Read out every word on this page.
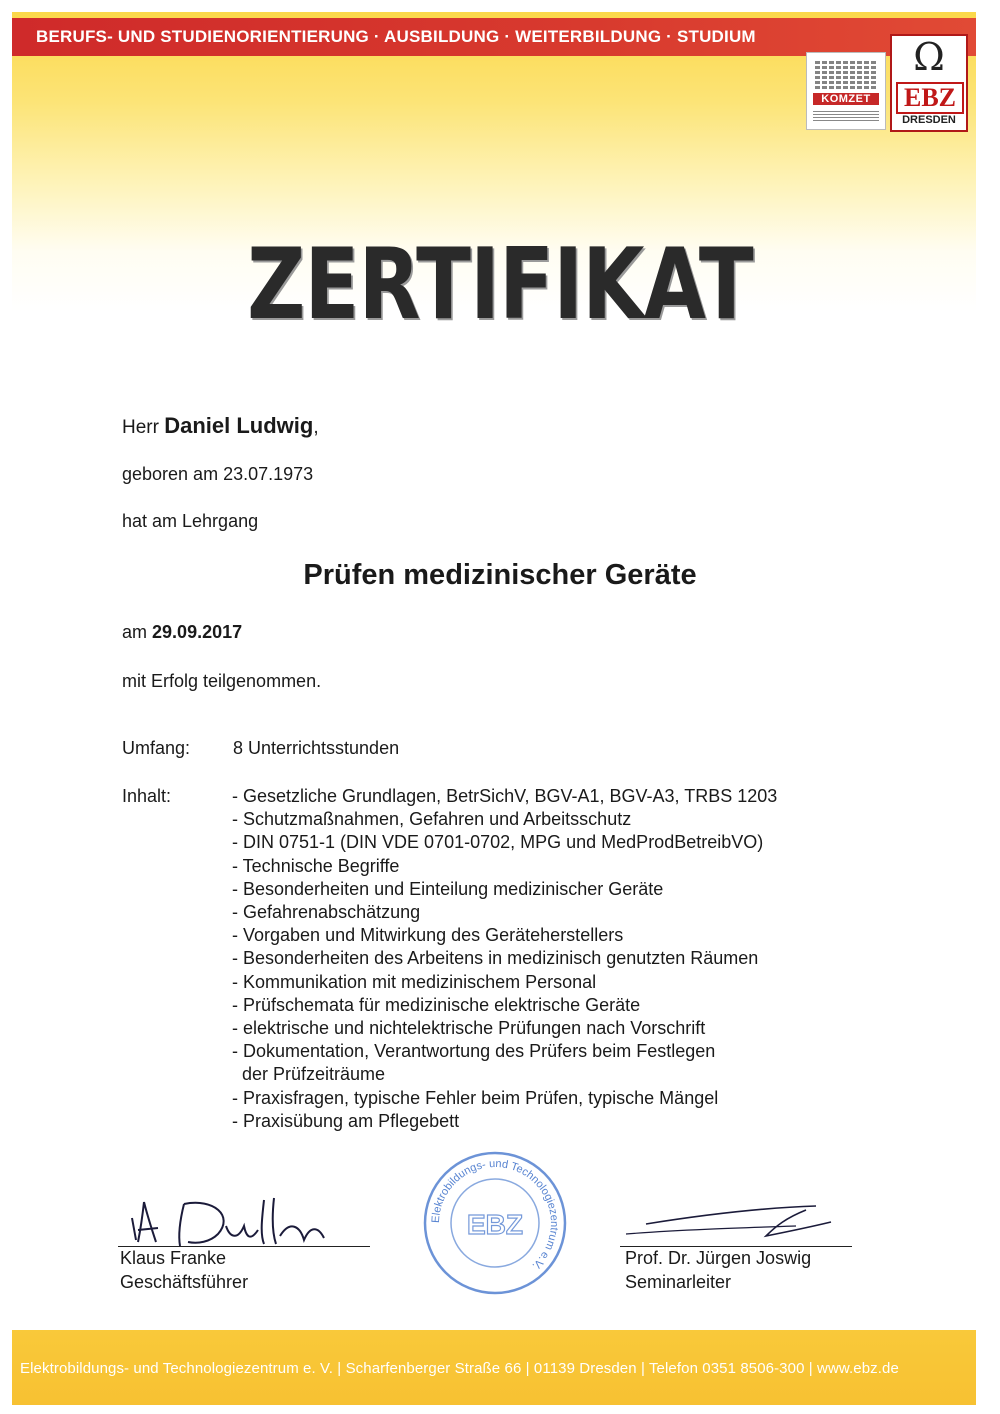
BERUFS- UND STUDIENORIENTIERUNG · AUSBILDUNG · WEITERBILDUNG · STUDIUM
KOMZET
Ω
EBZ
DRESDEN
ZERTIFIKAT
Herr Daniel Ludwig,
geboren am 23.07.1973
hat am Lehrgang
Prüfen medizinischer Geräte
am 29.09.2017
mit Erfolg teilgenommen.
Umfang: 8 Unterrichtsstunden
Inhalt:	- Gesetzliche Grundlagen, BetrSichV, BGV-A1, BGV-A3, TRBS 1203
- Schutzmaßnahmen, Gefahren und Arbeitsschutz
- DIN 0751-1 (DIN VDE 0701-0702, MPG und MedProdBetreibVO)
- Technische Begriffe
- Besonderheiten und Einteilung medizinischer Geräte
- Gefahrenabschätzung
- Vorgaben und Mitwirkung des Geräteherstellers
- Besonderheiten des Arbeitens in medizinisch genutzten Räumen
- Kommunikation mit medizinischem Personal
- Prüfschemata für medizinische elektrische Geräte
- elektrische und nichtelektrische Prüfungen nach Vorschrift
- Dokumentation, Verantwortung des Prüfers beim Festlegen
der Prüfzeiträume
- Praxisfragen, typische Fehler beim Prüfen, typische Mängel
- Praxisübung am Pflegebett
Klaus Franke
Geschäftsführer
Elektrobildungs- und Technologiezentrum e.V.
EBZ
Prof. Dr. Jürgen Joswig
Seminarleiter
Elektrobildungs- und Technologiezentrum e. V. | Scharfenberger Straße 66 | 01139 Dresden | Telefon 0351 8506-300 | www.ebz.de
